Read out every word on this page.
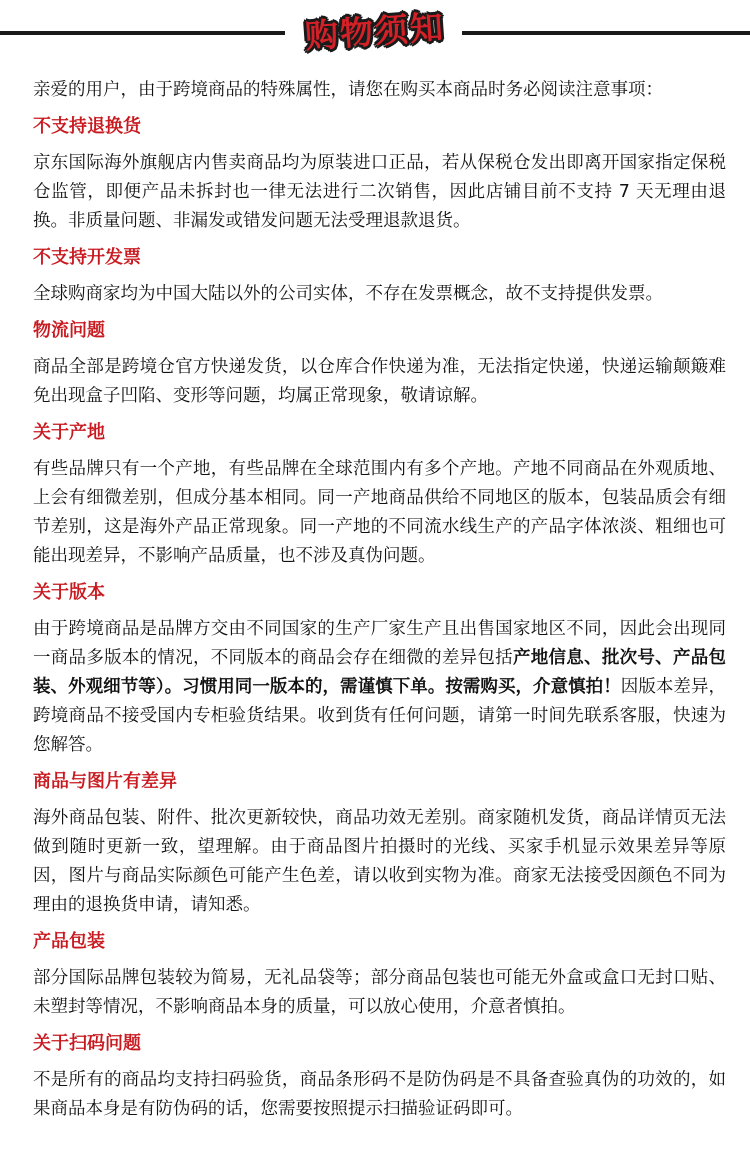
购物须知

亲爱的用户，由于跨境商品的特殊属性，请您在购买本商品时务必阅读注意事项：

不支持退换货

京东国际海外旗舰店内售卖商品均为原装进口正品，若从保税仓发出即离开国家指定保税仓监管，即便产品未拆封也一律无法进行二次销售，因此店铺目前不支持 7 天无理由退换。非质量问题、非漏发或错发问题无法受理退款退货。

不支持开发票

全球购商家均为中国大陆以外的公司实体，不存在发票概念，故不支持提供发票。

物流问题

商品全部是跨境仓官方快递发货，以仓库合作快递为准，无法指定快递，快递运输颠簸难免出现盒子凹陷、变形等问题，均属正常现象，敬请谅解。

关于产地

有些品牌只有一个产地，有些品牌在全球范围内有多个产地。产地不同商品在外观质地、上会有细微差别，但成分基本相同。同一产地商品供给不同地区的版本，包装品质会有细节差别，这是海外产品正常现象。同一产地的不同流水线生产的产品字体浓淡、粗细也可能出现差异，不影响产品质量，也不涉及真伪问题。

关于版本

由于跨境商品是品牌方交由不同国家的生产厂家生产且出售国家地区不同，因此会出现同一商品多版本的情况，不同版本的商品会存在细微的差异包括产地信息、批次号、产品包装、外观细节等）。习惯用同一版本的，需谨慎下单。按需购买，介意慎拍！因版本差异，跨境商品不接受国内专柜验货结果。收到货有任何问题，请第一时间先联系客服，快速为您解答。

商品与图片有差异

海外商品包装、附件、批次更新较快，商品功效无差别。商家随机发货，商品详情页无法做到随时更新一致，望理解。由于商品图片拍摄时的光线、买家手机显示效果差异等原因，图片与商品实际颜色可能产生色差，请以收到实物为准。商家无法接受因颜色不同为理由的退换货申请，请知悉。

产品包装

部分国际品牌包装较为简易，无礼品袋等；部分商品包装也可能无外盒或盒口无封口贴、未塑封等情况，不影响商品本身的质量，可以放心使用，介意者慎拍。

关于扫码问题

不是所有的商品均支持扫码验货，商品条形码不是防伪码是不具备查验真伪的功效的，如果商品本身是有防伪码的话，您需要按照提示扫描验证码即可。
